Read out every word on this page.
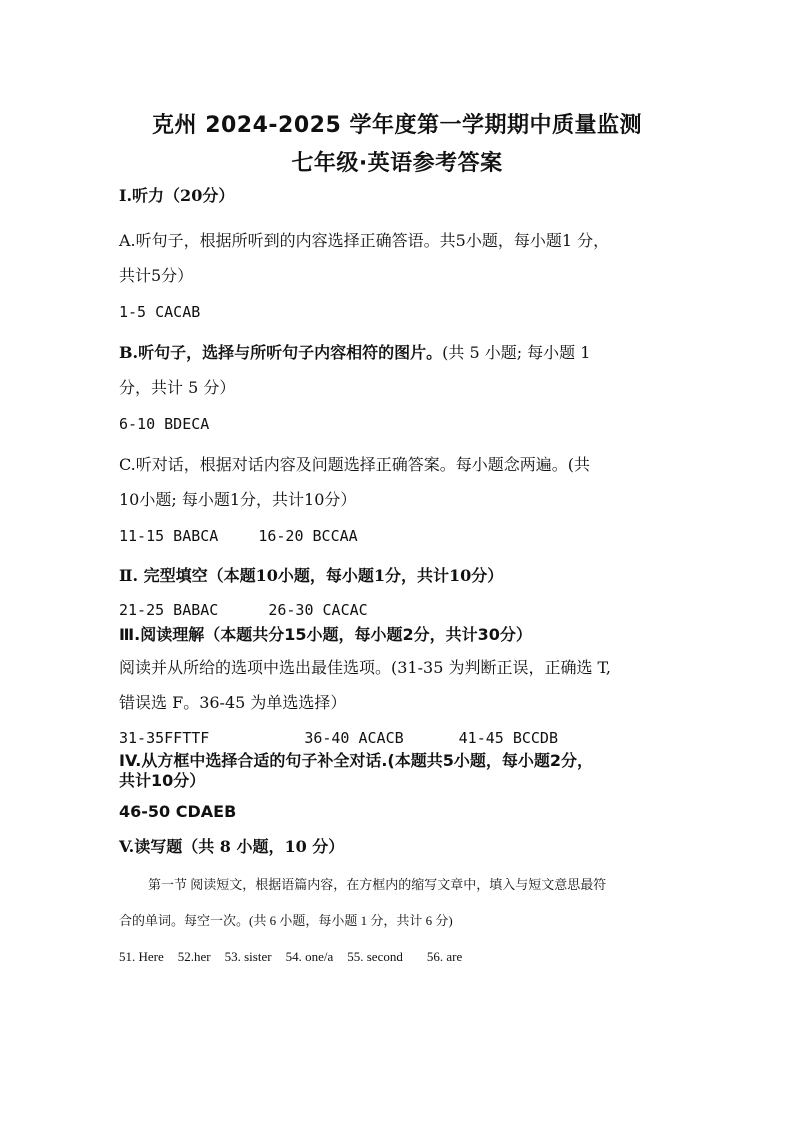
克州 2024-2025 学年度第一学期期中质量监测
七年级·英语参考答案
I.听力（20分）
A.听句子，根据所听到的内容选择正确答语。共5小题，每小题1 分，
共计5分）
1-5 CACAB
B.听句子，选择与所听句子内容相符的图片。(共 5 小题; 每小题 1
分，共计 5 分）
6-10 BDECA
C.听对话，根据对话内容及问题选择正确答案。每小题念两遍。(共
10小题; 每小题1分，共计10分）
11-15 BABCA	16-20 BCCAA
Ⅱ. 完型填空（本题10小题，每小题1分，共计10分）
21-25 BABAC	26-30 CACAC
Ⅲ.阅读理解（本题共分15小题，每小题2分，共计30分）
阅读并从所给的选项中选出最佳选项。(31-35 为判断正误，正确选 T,
错误选 F。36-45 为单选选择）
31-35FFTTF	36-40 ACACB	41-45 BCCDB
IV.从方框中选择合适的句子补全对话.(本题共5小题，每小题2分，
共计10分）
46-50 CDAEB
V.读写题（共 8 小题，10 分）
第一节 阅读短文，根据语篇内容，在方框内的缩写文章中，填入与短文意思最符
合的单词。每空一次。(共 6 小题，每小题 1 分，共计 6 分)
51. Here 52.her 53. sister 54. one/a 55. second 56. are
